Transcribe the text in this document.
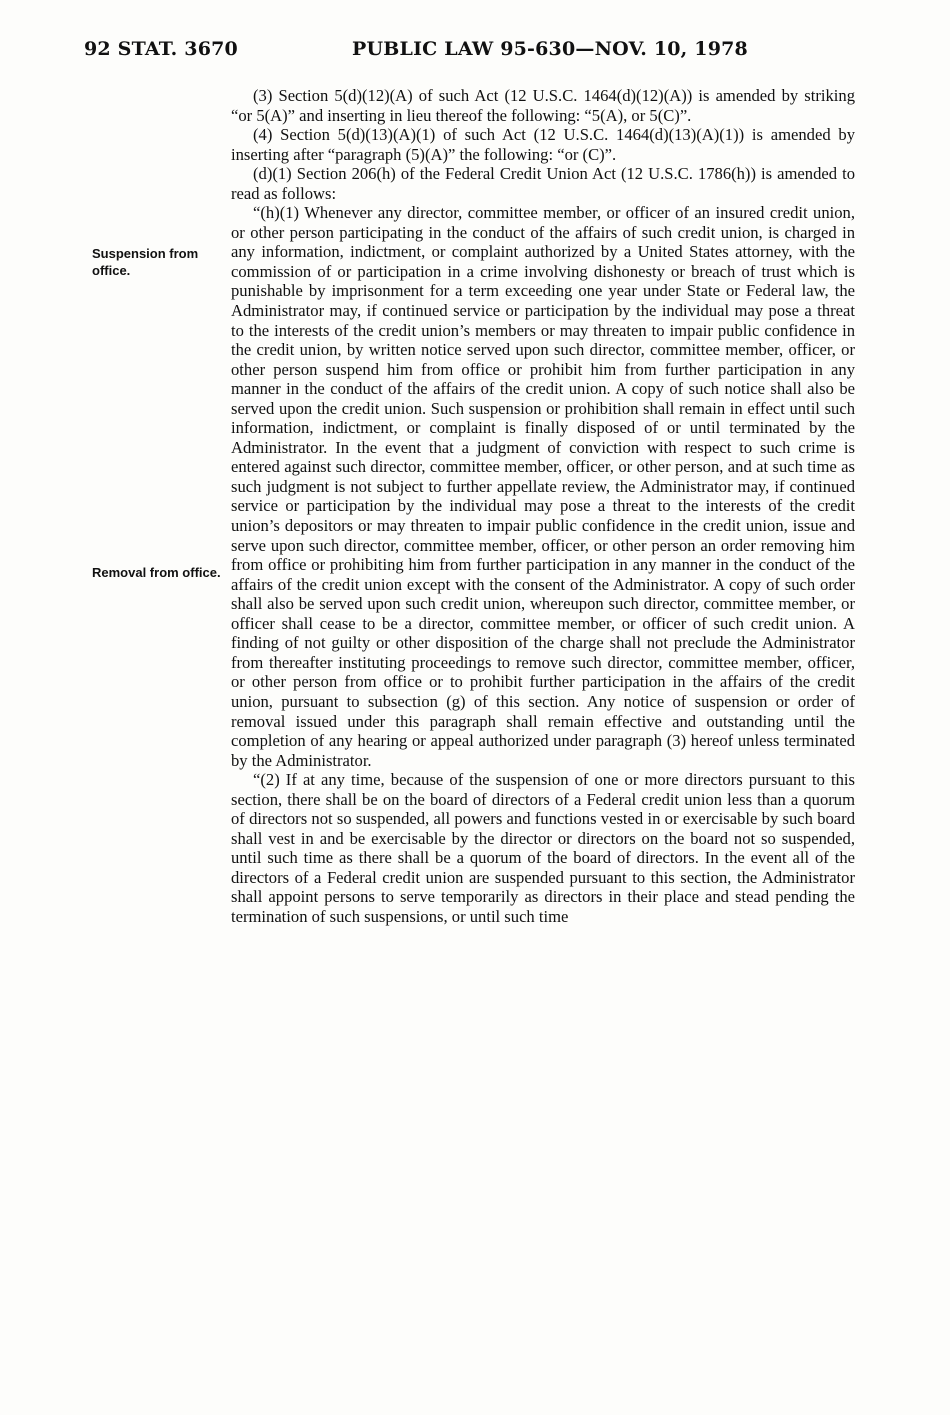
92 STAT. 3670	PUBLIC LAW 95-630—NOV. 10, 1978
Suspension from office.
Removal from office.

(3) Section 5(d)(12)(A) of such Act (12 U.S.C. 1464(d)(12)(A)) is amended by striking “or 5(A)” and inserting in lieu thereof the following: “5(A), or 5(C)”.

(4) Section 5(d)(13)(A)(1) of such Act (12 U.S.C. 1464(d)(13)(A)(1)) is amended by inserting after “paragraph (5)(A)” the following: “or (C)”.

(d)(1) Section 206(h) of the Federal Credit Union Act (12 U.S.C. 1786(h)) is amended to read as follows:

“(h)(1) Whenever any director, committee member, or officer of an insured credit union, or other person participating in the conduct of the affairs of such credit union, is charged in any information, indictment, or complaint authorized by a United States attorney, with the commission of or participation in a crime involving dishonesty or breach of trust which is punishable by imprisonment for a term exceeding one year under State or Federal law, the Administrator may, if continued service or participation by the individual may pose a threat to the interests of the credit union’s members or may threaten to impair public confidence in the credit union, by written notice served upon such director, committee member, officer, or other person suspend him from office or prohibit him from further participation in any manner in the conduct of the affairs of the credit union. A copy of such notice shall also be served upon the credit union. Such suspension or prohibition shall remain in effect until such information, indictment, or complaint is finally disposed of or until terminated by the Administrator. In the event that a judgment of conviction with respect to such crime is entered against such director, committee member, officer, or other person, and at such time as such judgment is not subject to further appellate review, the Administrator may, if continued service or participation by the individual may pose a threat to the interests of the credit union’s depositors or may threaten to impair public confidence in the credit union, issue and serve upon such director, committee member, officer, or other person an order removing him from office or prohibiting him from further participation in any manner in the conduct of the affairs of the credit union except with the consent of the Administrator. A copy of such order shall also be served upon such credit union, whereupon such director, committee member, or officer shall cease to be a director, committee member, or officer of such credit union. A finding of not guilty or other disposition of the charge shall not preclude the Administrator from thereafter instituting proceedings to remove such director, committee member, officer, or other person from office or to prohibit further participation in the affairs of the credit union, pursuant to subsection (g) of this section. Any notice of suspension or order of removal issued under this paragraph shall remain effective and outstanding until the completion of any hearing or appeal authorized under paragraph (3) hereof unless terminated by the Administrator.

“(2) If at any time, because of the suspension of one or more directors pursuant to this section, there shall be on the board of directors of a Federal credit union less than a quorum of directors not so suspended, all powers and functions vested in or exercisable by such board shall vest in and be exercisable by the director or directors on the board not so suspended, until such time as there shall be a quorum of the board of directors. In the event all of the directors of a Federal credit union are suspended pursuant to this section, the Administrator shall appoint persons to serve temporarily as directors in their place and stead pending the termination of such suspensions, or until such time
